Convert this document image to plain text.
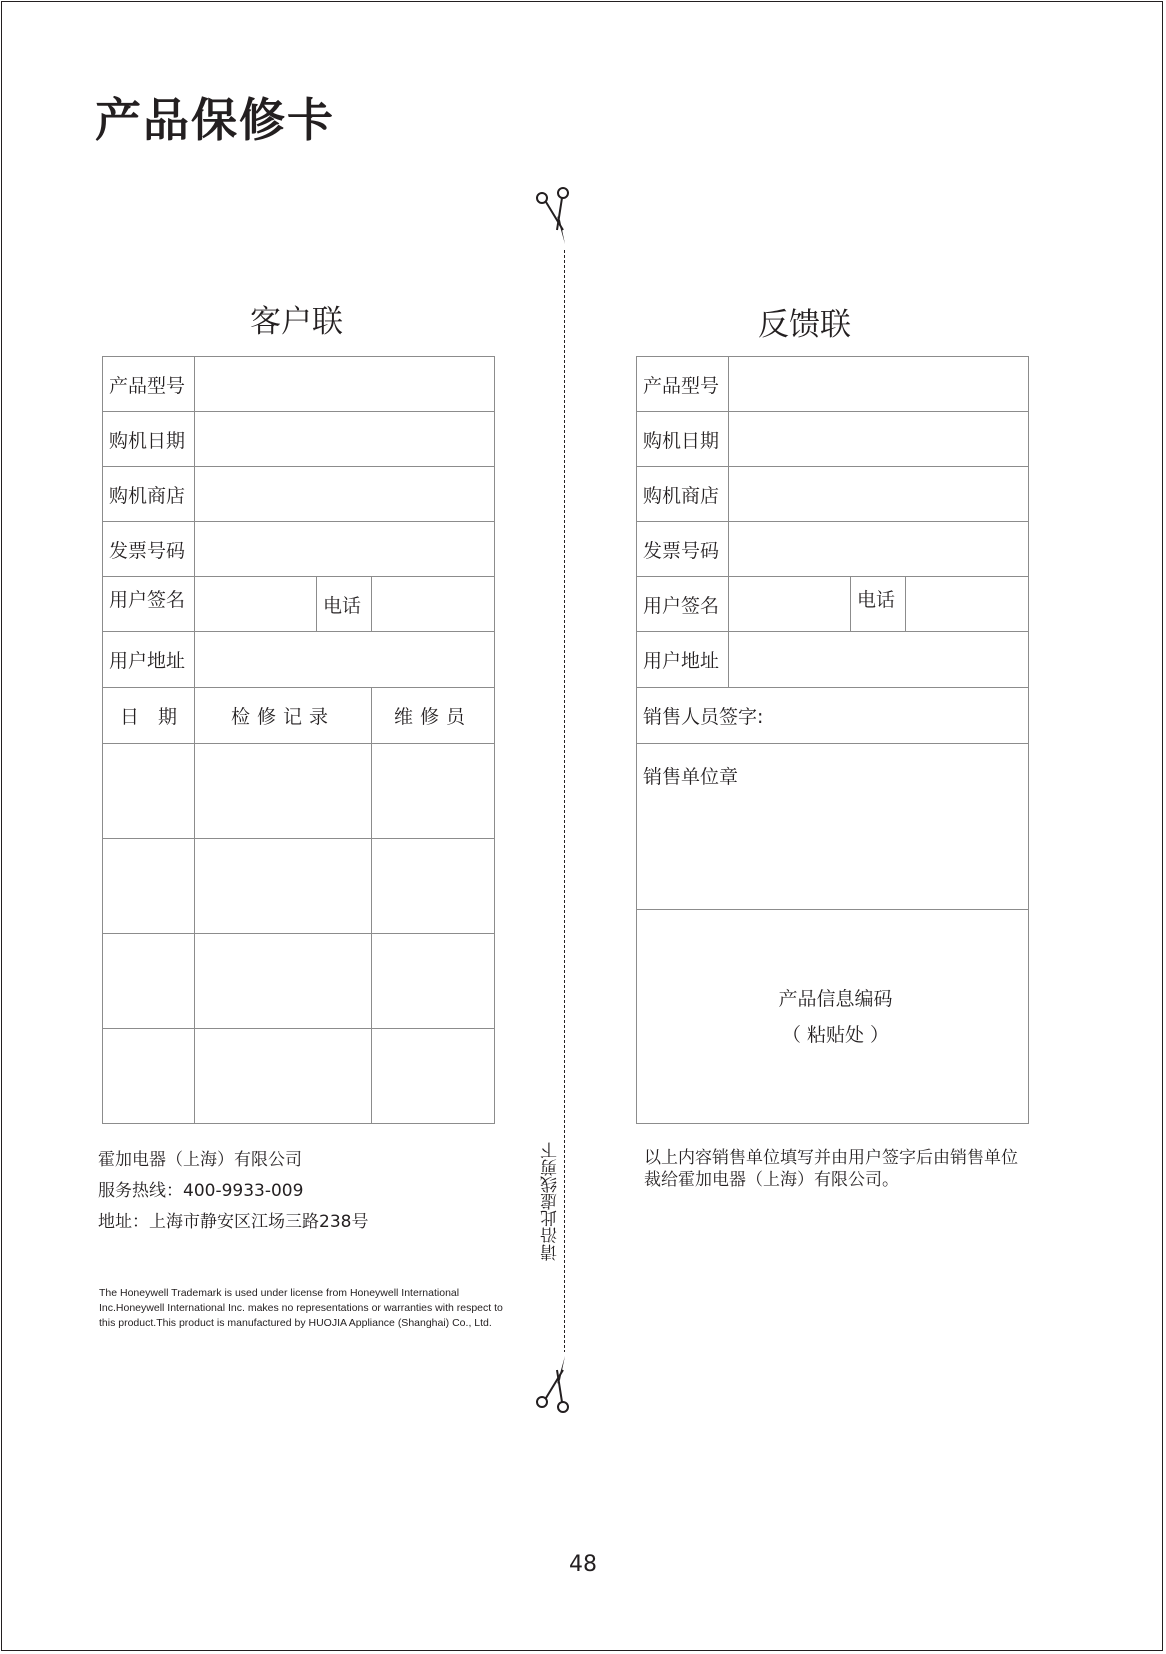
产品保修卡
客户联
产品型号			
购机日期			
购机商店			
发票号码			
用户签名		电话	
用户地址			
日　期	检修记录		维修员

反馈联
产品型号			
购机日期			
购机商店			
发票号码			
用户签名		电话	
用户地址			
销售人员签字:			
销售单位章			

产品信息编码
（ 粘贴处 ）			
请沿此虚线剪下
霍加电器（上海）有限公司
服务热线：400-9933-009
地址：上海市静安区江场三路238号
以上内容销售单位填写并由用户签字后由销售单位裁给霍加电器（上海）有限公司。
The Honeywell Trademark is used under license from Honeywell International Inc.Honeywell International Inc. makes no representations or warranties with respect to this product.This product is manufactured by HUOJIA Appliance (Shanghai) Co., Ltd.
48
